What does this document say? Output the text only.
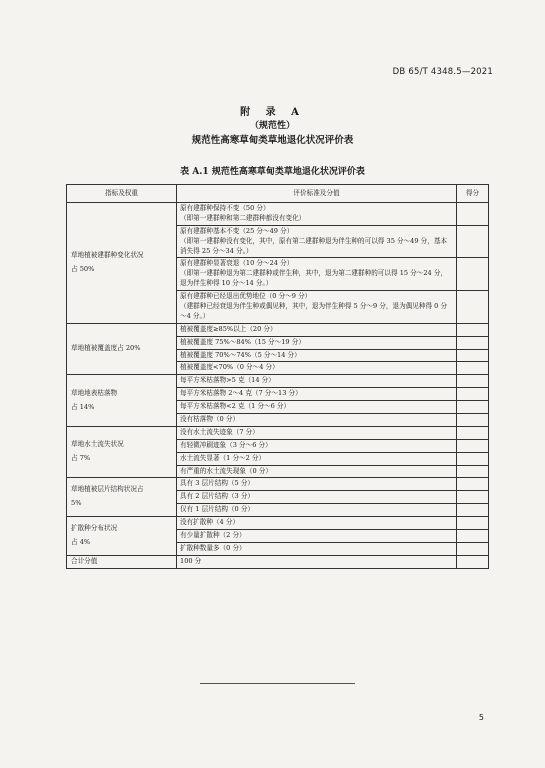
DB 65/T 4348.5—2021
附 录 A
（规范性）
规范性高寒草甸类草地退化状况评价表
表 A.1 规范性高寒草甸类草地退化状况评价表
指标及权重	评价标准及分值	得分

草地植被建群种变化状况
占 50%	原有建群种保持不变（50 分）
（即第一建群种和第二建群种都没有变化）	

	原有建群种基本不变（25 分～49 分）
（即第一建群种没有变化，其中，原有第二建群种退为伴生种的可以得 35 分～49 分，基本消失得 25 分～34 分。）	

	原有建群种显著衰退（10 分～24 分）
（即第一建群种退为第二建群种或伴生种，其中，退为第二建群种的可以得 15 分～24 分，退为伴生种得 10 分～14 分。）	

	原有建群种已经退出优势地位（0 分～9 分）
（建群种已经衰退为伴生种或偶见种，其中，退为伴生种得 5 分～9 分，退为偶见种得 0 分～4 分。）	

草地植被覆盖度占 20%	植被覆盖度≥85%以上（20 分）	

	植被覆盖度 75%～84%（15 分～19 分）	

	植被覆盖度 70%～74%（5 分～14 分）	

	植被覆盖度<70%（0 分～4 分）	

草地地表枯落物
占 14%	每平方米枯落物>5 克（14 分）	

	每平方米枯落物 2～4 克（7 分～13 分）	

	每平方米枯落物<2 克（1 分～6 分）	

	没有枯落物（0 分）	

草地水土流失状况
占 7%	没有水土流失迹象（7 分）	

	有轻微冲刷迹象（3 分～6 分）	

	水土流失显著（1 分～2 分）	

	有严重的水土流失现象（0 分）	

草地植被层片结构状况占
5%	具有 3 层片结构（5 分）	

	具有 2 层片结构（3 分）	

	仅有 1 层片结构（0 分）	

扩散种分布状况
占 4%	没有扩散种（4 分）	

	有少量扩散种（2 分）	

	扩散种数量多（0 分）	

合计分值	100 分	
5
